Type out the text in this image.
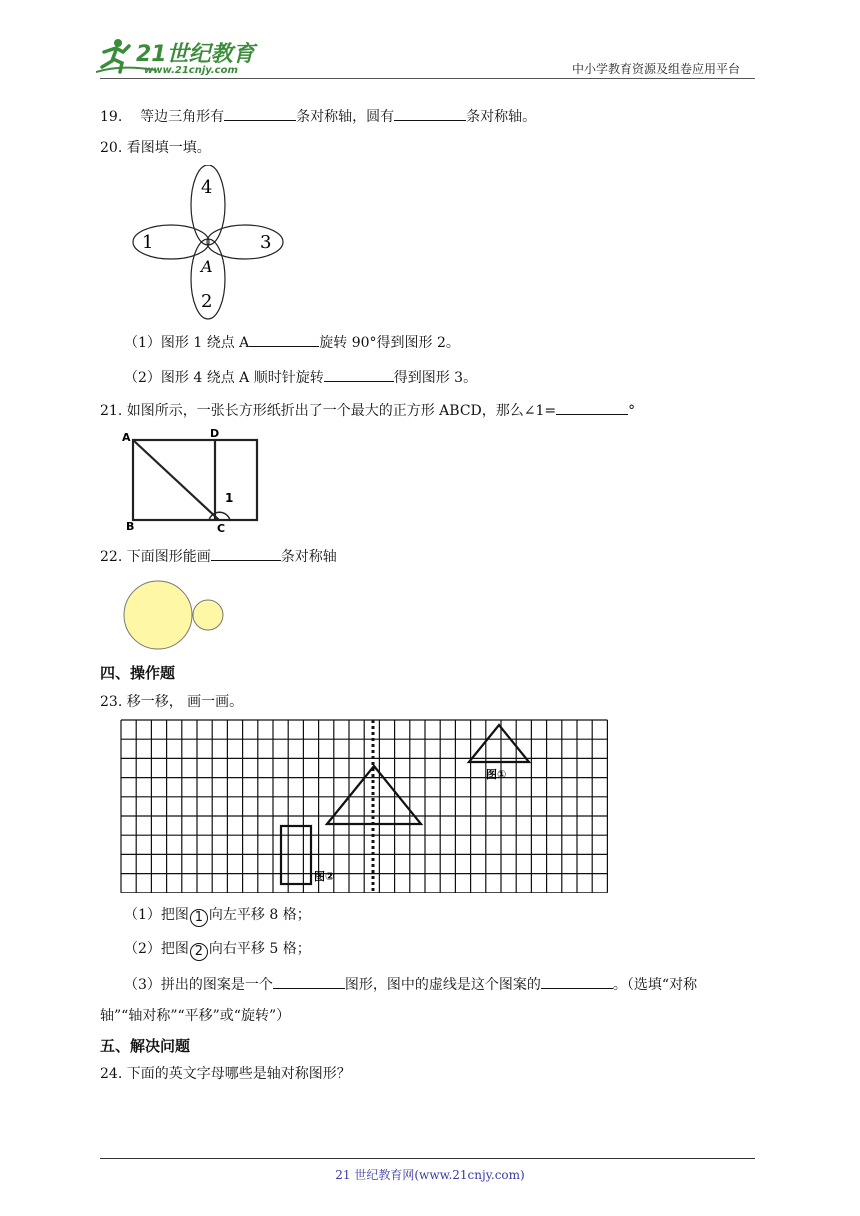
21世纪教育
www.21cnjy.com	中小学教育资源及组卷应用平台
19. 等边三角形有	条对称轴，圆有	条对称轴。
20. 看图填一填。
4
2
1	3
A
（1）图形 1 绕点 A	旋转 90°得到图形 2。
（2）图形 4 绕点 A 顺时针旋转	得到图形 3。
21. 如图所示，一张长方形纸折出了一个最大的正方形 ABCD，那么∠1=	°
A	D
B	C
1
22. 下面图形能画	条对称轴
四、操作题
23. 移一移， 画一画。
图①
图②
（1）把图 1 向左平移 8 格；
（2）把图 2 向右平移 5 格；
（3）拼出的图案是一个	图形，图中的虚线是这个图案的	。（选填“对称
轴”“轴对称”“平移”或“旋转”）
五、解决问题
24. 下面的英文字母哪些是轴对称图形？
21 世纪教育网(www.21cnjy.com)
